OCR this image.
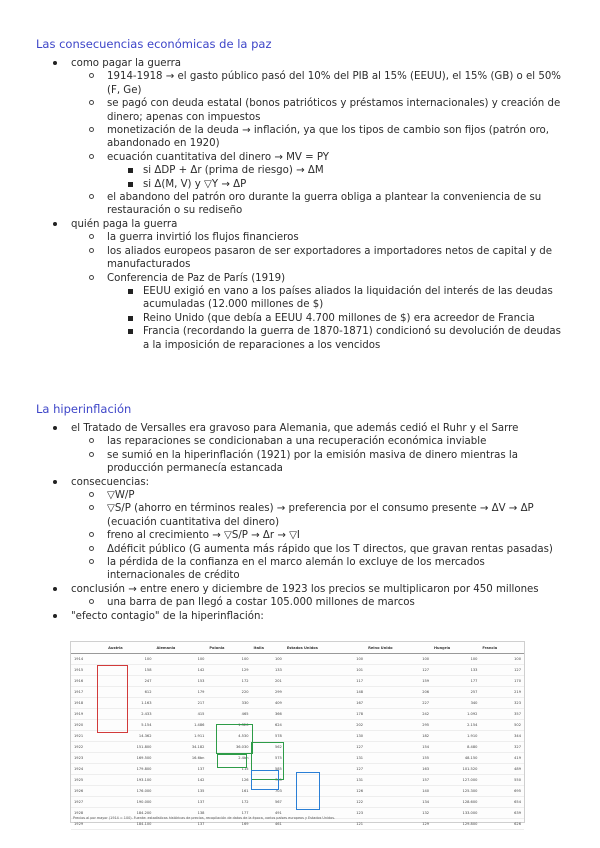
Las consecuencias económicas de la paz
como pagar la guerra
1914-1918 → el gasto público pasó del 10% del PIB al 15% (EEUU), el 15% (GB) o el 50% (F, Ge)
se pagó con deuda estatal (bonos patrióticos y préstamos internacionales) y creación de dinero; apenas con impuestos
monetización de la deuda → inflación, ya que los tipos de cambio son fijos (patrón oro, abandonado en 1920)
ecuación cuantitativa del dinero → MV = PY
si ΔDP + Δr (prima de riesgo) → ΔM
si Δ(M, V) y ▽Y → ΔP
el abandono del patrón oro durante la guerra obliga a plantear la conveniencia de su restauración o su rediseño
quién paga la guerra
la guerra invirtió los flujos financieros
los aliados europeos pasaron de ser exportadores a importadores netos de capital y de manufacturados
Conferencia de Paz de París (1919)
EEUU exigió en vano a los países aliados la liquidación del interés de las deudas acumuladas (12.000 millones de $)
Reino Unido (que debía a EEUU 4.700 millones de $) era acreedor de Francia
Francia (recordando la guerra de 1870-1871) condicionó su devolución de deudas a la imposición de reparaciones a los vencidos
La hiperinflación
el Tratado de Versalles era gravoso para Alemania, que además cedió el Ruhr y el Sarre
las reparaciones se condicionaban a una recuperación económica inviable
se sumió en la hiperinflación (1921) por la emisión masiva de dinero mientras la producción permanecía estancada
consecuencias:
▽W/P
▽S/P (ahorro en términos reales) → preferencia por el consumo presente → ΔV → ΔP (ecuación cuantitativa del dinero)
freno al crecimiento → ▽S/P → Δr → ▽I
Δdéficit público (G aumenta más rápido que los T directos, que gravan rentas pasadas)
la pérdida de la confianza en el marco alemán lo excluye de los mercados internacionales de crédito
conclusión → entre enero y diciembre de 1923 los precios se multiplicaron por 450 millones
una barra de pan llegó a costar 105.000 millones de marcos
"efecto contagio" de la hiperinflación:
	Austria	Alemania	Polonia	Italia	Estados Unidos	Reino Unido	Hungría	Francia
1914	100	100	100	100	100	100	100	100
1915	158	142	129	133	101	127	133	127
1916	247	153	172	201	117	159	177	170
1917	612	179	220	299	148	206	257	219
1918	1.163	217	330	409	167	227	340	323
1919	2.433	415	465	366	178	242	1.092	357
1920	5.154	1.486	1.320	624	202	295	2.154	502
1921	14.362	1.911	4.530	578	130	182	1.910	344
1922	151.800	34.182	36.030	562	127	154	8.480	327
1923	169.500	16.6bn	2.4bn	575	131	155	48.150	419
1924	179.800	137	115	585	127	163	101.520	489
1925	193.100	142	126	705	131	157	127.000	550
1926	176.000	135	161	703	126	140	125.300	695
1927	190.000	137	172	567	122	134	128.600	654
1928	184.200	138	177	491	123	132	133.000	639
1929	184.100	137	169	461	121	129	129.800	626
Precios al por mayor (1914 = 100). Fuente: estadísticas históricas de precios, recopilación de datos de la época, varios países europeos y Estados Unidos.
